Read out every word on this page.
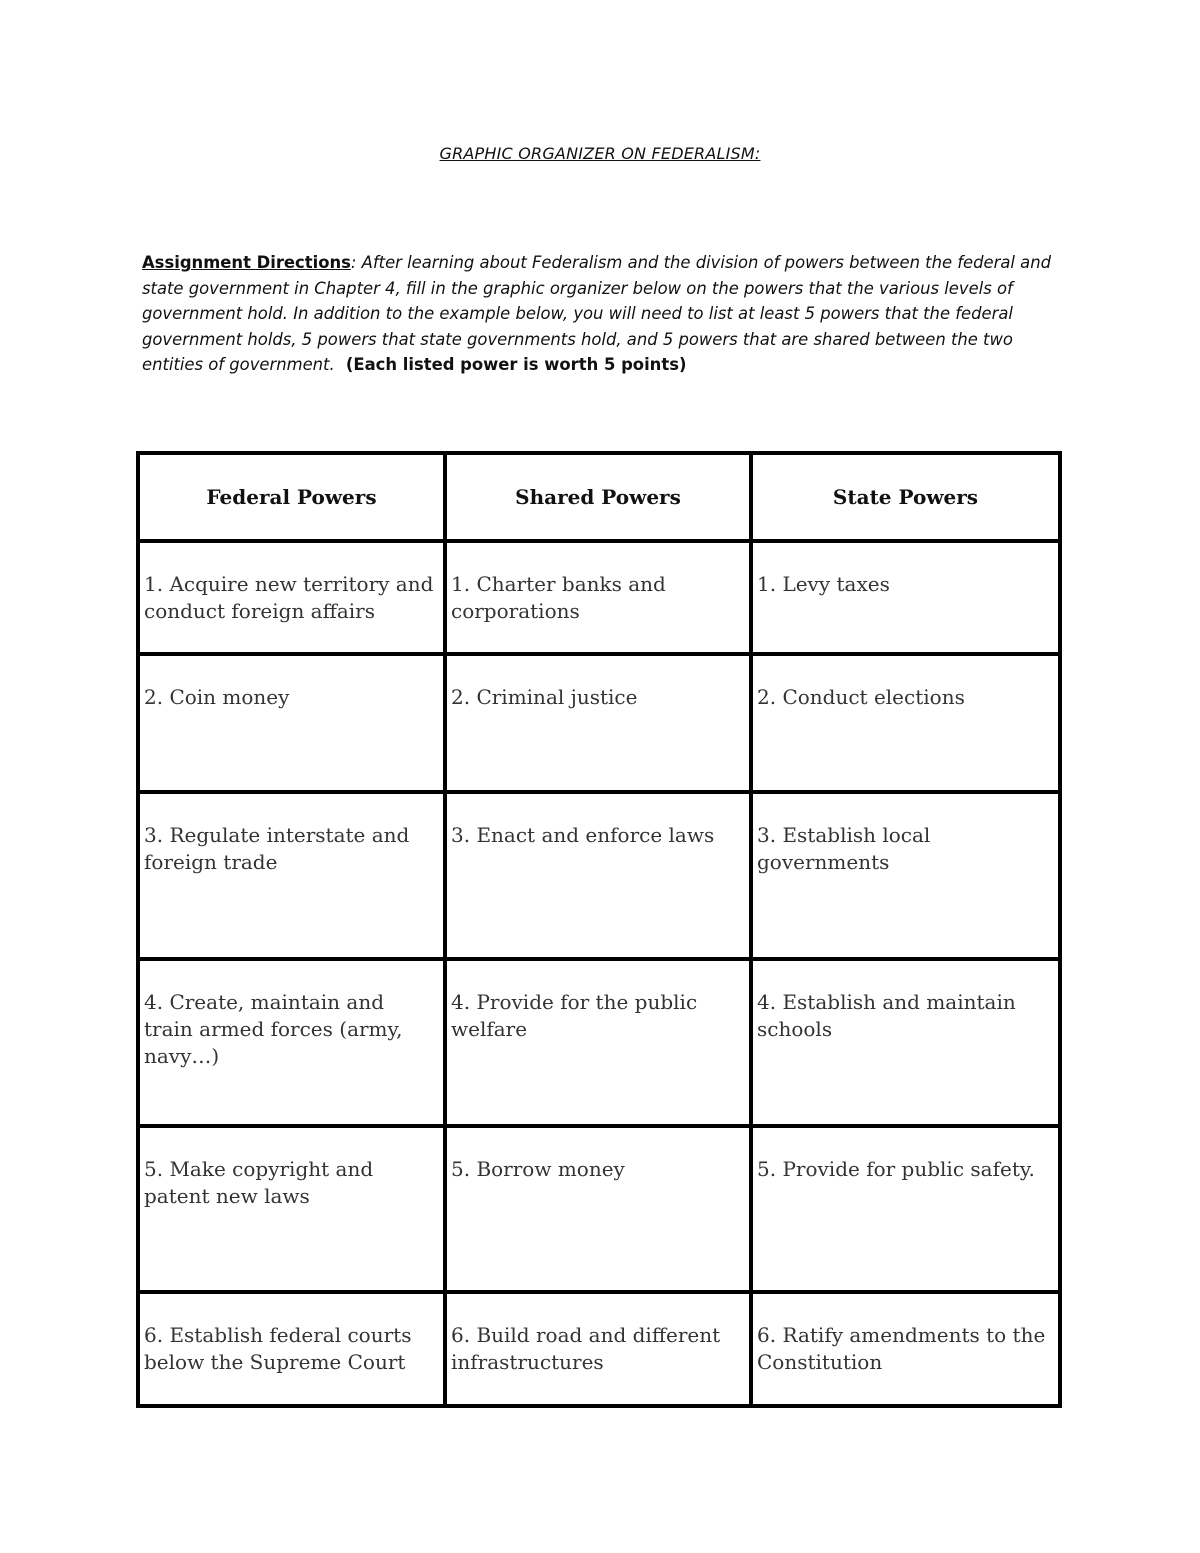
GRAPHIC ORGANIZER ON FEDERALISM:
Assignment Directions: After learning about Federalism and the division of powers between the federal and state government in Chapter 4, fill in the graphic organizer below on the powers that the various levels of government hold. In addition to the example below, you will need to list at least 5 powers that the federal government holds, 5 powers that state governments hold, and 5 powers that are shared between the two entities of government. (Each listed power is worth 5 points)
Federal Powers	Shared Powers	State Powers
1. Acquire new territory and conduct foreign affairs	1. Charter banks and corporations	1. Levy taxes
2. Coin money	2. Criminal justice	2. Conduct elections
3. Regulate interstate and foreign trade	3. Enact and enforce laws	3. Establish local governments
4. Create, maintain and train armed forces (army, navy…)	4. Provide for the public welfare	4. Establish and maintain schools
5. Make copyright and patent new laws	5. Borrow money	5. Provide for public safety.
6. Establish federal courts below the Supreme Court	6. Build road and different infrastructures	6. Ratify amendments to the Constitution
